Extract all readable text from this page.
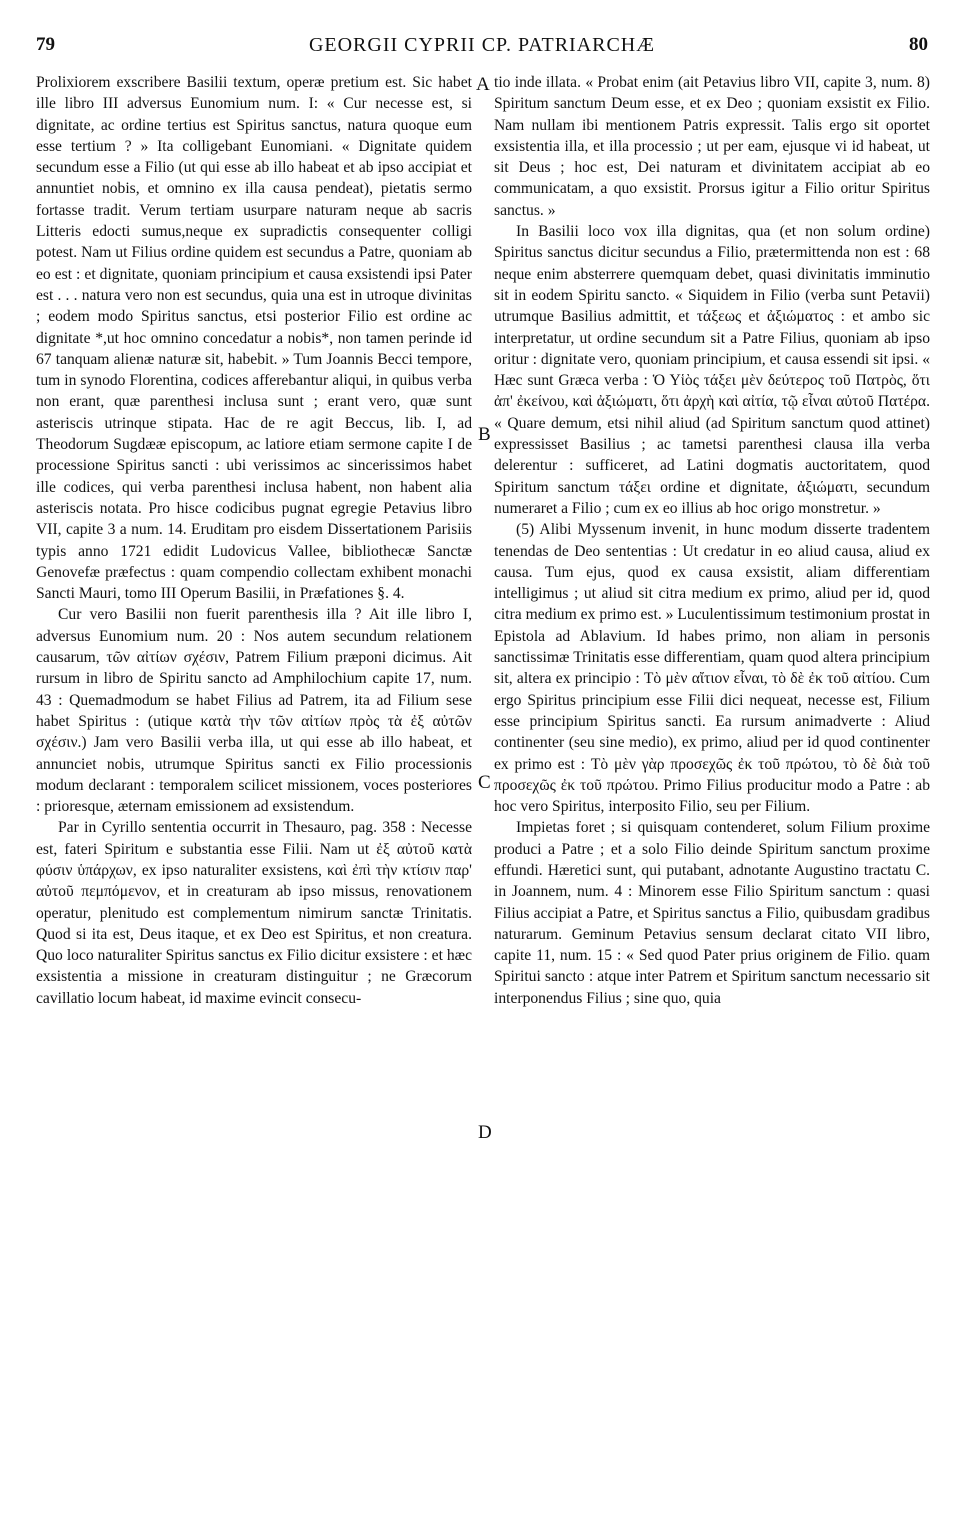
79	GEORGII CYPRII CP. PATRIARCHÆ	80

Prolixiorem exscribere Basilii textum, operæ pretium est. Sic habet ille libro III adversus Eunomium num. I: « Cur necesse est, si dignitate, ac ordine tertius est Spiritus sanctus, natura quoque eum esse tertium ? » Ita colligebant Eunomiani. « Dignitate quidem secundum esse a Filio (ut qui esse ab illo habeat et ab ipso accipiat et annuntiet nobis, et omnino ex illa causa pendeat), pietatis sermo fortasse tradit. Verum tertiam usurpare naturam neque ab sacris Litteris edocti sumus,neque ex supradictis consequenter colligi potest. Nam ut Filius ordine quidem est secundus a Patre, quoniam ab eo est : et dignitate, quoniam principium et causa exsistendi ipsi Pater est . . . natura vero non est secundus, quia una est in utroque divinitas ; eodem modo Spiritus sanctus, etsi posterior Filio est ordine ac dignitate *,ut hoc omnino concedatur a nobis*, non tamen perinde id 67 tanquam alienæ naturæ sit, habebit. » Tum Joannis Becci tempore, tum in synodo Florentina, codices afferebantur aliqui, in quibus verba non erant, quæ parenthesi inclusa sunt ; erant vero, quæ sunt asteriscis utrinque stipata. Hac de re agit Beccus, lib. I, ad Theodorum Sugdææ episcopum, ac latiore etiam sermone capite I de processione Spiritus sancti : ubi verissimos ac sincerissimos habet ille codices, qui verba parenthesi inclusa habent, non habent alia asteriscis notata. Pro hisce codicibus pugnat egregie Petavius libro VII, capite 3 a num. 14. Eruditam pro eisdem Dissertationem Parisiis typis anno 1721 edidit Ludovicus Vallee, bibliothecæ Sanctæ Genovefæ præfectus : quam compendio collectam exhibent monachi Sancti Mauri, tomo III Operum Basilii, in Præfationes §. 4.

Cur vero Basilii non fuerit parenthesis illa ? Ait ille libro I, adversus Eunomium num. 20 : Nos autem secundum relationem causarum, τῶν αἰτίων σχέσιν, Patrem Filium præponi dicimus. Ait rursum in libro de Spiritu sancto ad Amphilochium capite 17, num. 43 : Quemadmodum se habet Filius ad Patrem, ita ad Filium sese habet Spiritus : (utique κατὰ τὴν τῶν αἰτίων πρὸς τὰ ἐξ αὐτῶν σχέσιν.) Jam vero Basilii verba illa, ut qui esse ab illo habeat, et annunciet nobis, utrumque Spiritus sancti ex Filio processionis modum declarant : temporalem scilicet missionem, voces posteriores : prioresque, æternam emissionem ad exsistendum.

Par in Cyrillo sententia occurrit in Thesauro, pag. 358 : Necesse est, fateri Spiritum e substantia esse Filii. Nam ut ἐξ αὐτοῦ κατὰ φύσιν ὑπάρχων, ex ipso naturaliter exsistens, καὶ ἐπὶ τὴν κτίσιν παρ' αὐτοῦ πεμπόμενον, et in creaturam ab ipso missus, renovationem operatur, plenitudo est complementum nimirum sanctæ Trinitatis. Quod si ita est, Deus itaque, et ex Deo est Spiritus, et non creatura. Quo loco naturaliter Spiritus sanctus ex Filio dicitur exsistere : et hæc exsistentia a missione in creaturam distinguitur ; ne Græcorum cavillatio locum habeat, id maxime evincit consecu-

A
B
C
D

tio inde illata. « Probat enim (ait Petavius libro VII, capite 3, num. 8) Spiritum sanctum Deum esse, et ex Deo ; quoniam exsistit ex Filio. Nam nullam ibi mentionem Patris expressit. Talis ergo sit oportet exsistentia illa, et illa processio ; ut per eam, ejusque vi id habeat, ut sit Deus ; hoc est, Dei naturam et divinitatem accipiat ab eo communicatam, a quo exsistit. Prorsus igitur a Filio oritur Spiritus sanctus. »

In Basilii loco vox illa dignitas, qua (et non solum ordine) Spiritus sanctus dicitur secundus a Filio, prætermittenda non est : 68 neque enim absterrere quemquam debet, quasi divinitatis imminutio sit in eodem Spiritu sancto. « Siquidem in Filio (verba sunt Petavii) utrumque Basilius admittit, et τάξεως et ἀξιώματος : et ambo sic interpretatur, ut ordine secundum sit a Patre Filius, quoniam ab ipso oritur : dignitate vero, quoniam principium, et causa essendi sit ipsi. « Hæc sunt Græca verba : Ὁ Υἱὸς τάξει μὲν δεύτερος τοῦ Πατρὸς, ὅτι ἀπ' ἐκείνου, καὶ ἀξιώματι, ὅτι ἀρχὴ καὶ αἰτία, τῷ εἶναι αὐτοῦ Πατέρα. « Quare demum, etsi nihil aliud (ad Spiritum sanctum quod attinet) expressisset Basilius ; ac tametsi parenthesi clausa illa verba delerentur : sufficeret, ad Latini dogmatis auctoritatem, quod Spiritum sanctum τάξει ordine et dignitate, ἀξιώματι, secundum numeraret a Filio ; cum ex eo illius ab hoc origo monstretur. »

(5) Alibi Myssenum invenit, in hunc modum disserte tradentem tenendas de Deo sententias : Ut credatur in eo aliud causa, aliud ex causa. Tum ejus, quod ex causa exsistit, aliam differentiam intelligimus ; ut aliud sit citra medium ex primo, aliud per id, quod citra medium ex primo est. » Luculentissimum testimonium prostat in Epistola ad Ablavium. Id habes primo, non aliam in personis sanctissimæ Trinitatis esse differentiam, quam quod altera principium sit, altera ex principio : Τὸ μὲν αἴτιον εἶναι, τὸ δὲ ἐκ τοῦ αἰτίου. Cum ergo Spiritus principium esse Filii dici nequeat, necesse est, Filium esse principium Spiritus sancti. Ea rursum animadverte : Aliud continenter (seu sine medio), ex primo, aliud per id quod continenter ex primo est : Τὸ μὲν γὰρ προσεχῶς ἐκ τοῦ πρώτου, τὸ δὲ διὰ τοῦ προσεχῶς ἐκ τοῦ πρώτου. Primo Filius producitur modo a Patre : ab hoc vero Spiritus, interposito Filio, seu per Filium.

Impietas foret ; si quisquam contenderet, solum Filium proxime produci a Patre ; et a solo Filio deinde Spiritum sanctum proxime effundi. Hæretici sunt, qui putabant, adnotante Augustino tractatu C. in Joannem, num. 4 : Minorem esse Filio Spiritum sanctum : quasi Filius accipiat a Patre, et Spiritus sanctus a Filio, quibusdam gradibus naturarum. Geminum Petavius sensum declarat citato VII libro, capite 11, num. 15 : « Sed quod Pater prius originem de Filio. quam Spiritui sancto : atque inter Patrem et Spiritum sanctum necessario sit interponendus Filius ; sine quo, quia
